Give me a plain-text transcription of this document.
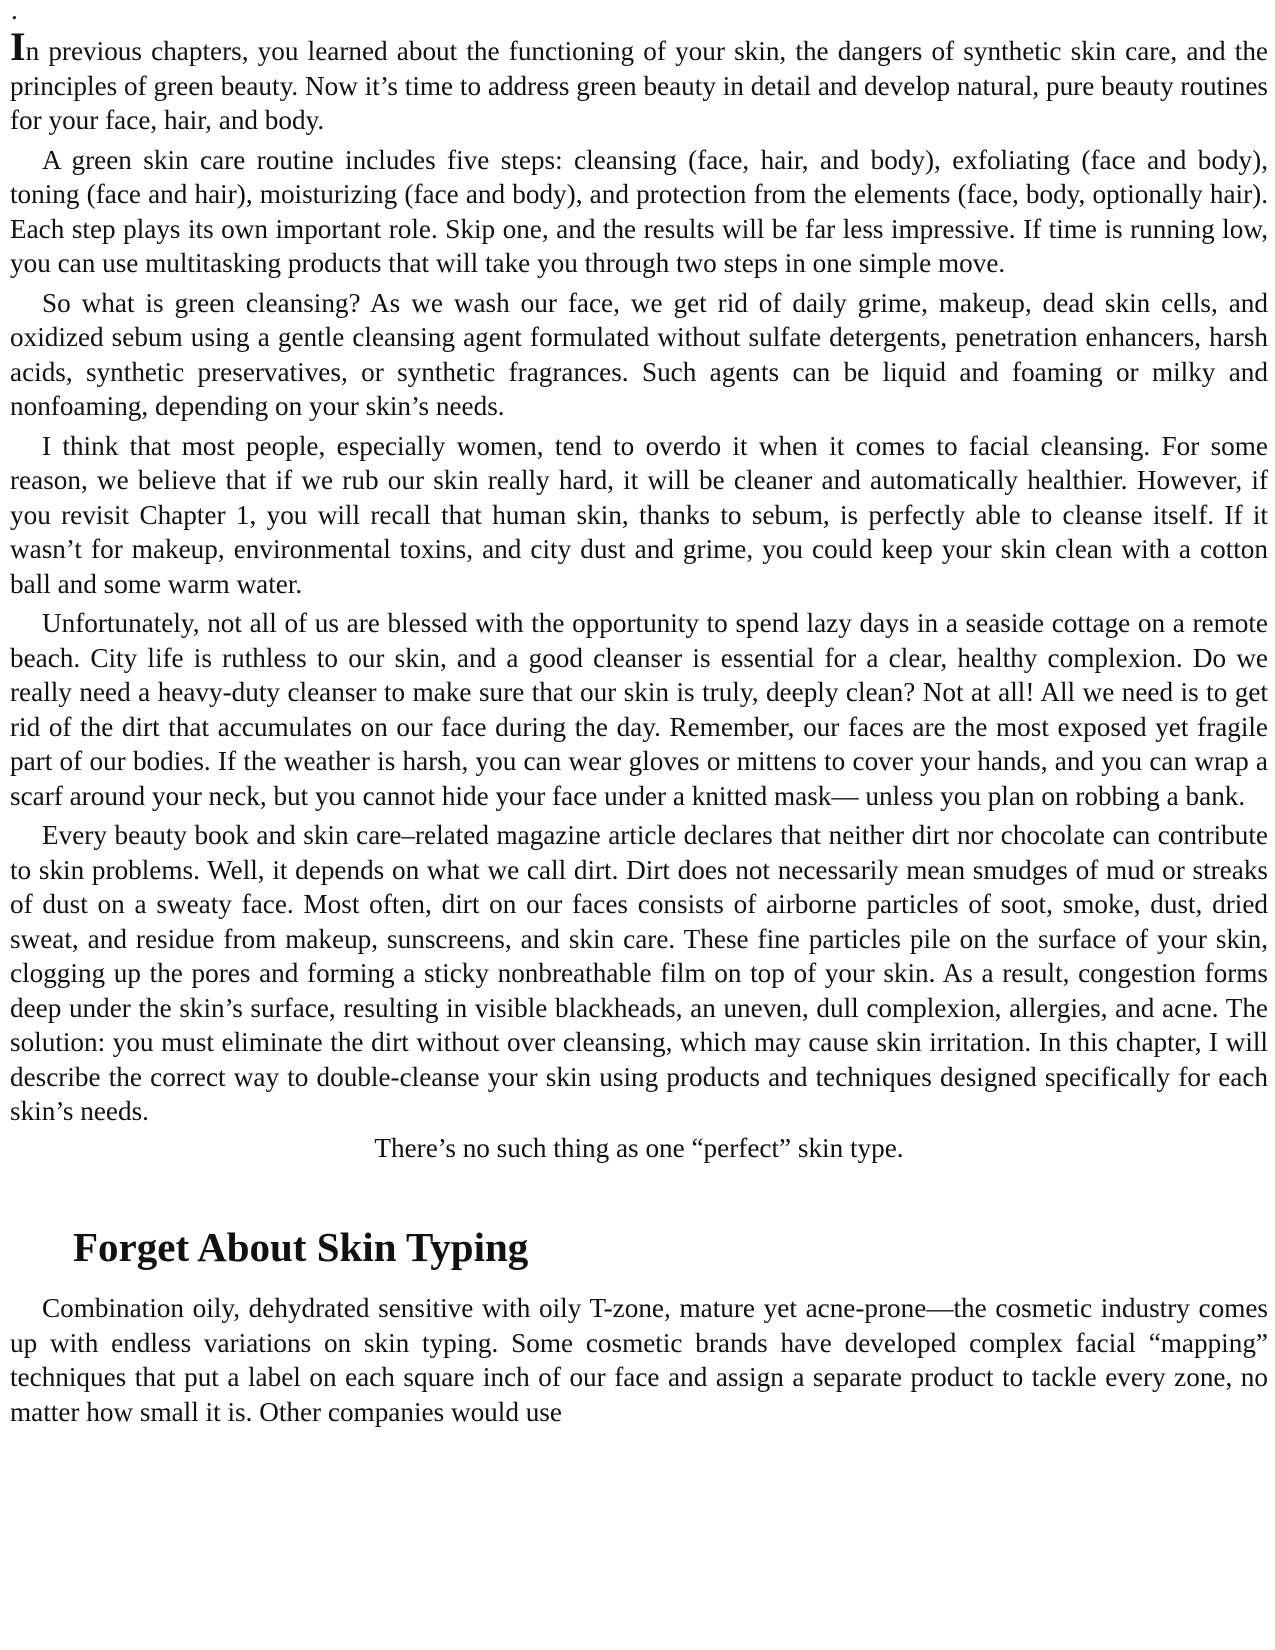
.
In previous chapters, you learned about the functioning of your skin, the dangers of synthetic skin care, and the principles of green beauty. Now it’s time to address green beauty in detail and develop natural, pure beauty routines for your face, hair, and body.

A green skin care routine includes five steps: cleansing (face, hair, and body), exfoliating (face and body), toning (face and hair), moisturizing (face and body), and protection from the elements (face, body, optionally hair). Each step plays its own important role. Skip one, and the results will be far less impressive. If time is running low, you can use multitasking products that will take you through two steps in one simple move.

So what is green cleansing? As we wash our face, we get rid of daily grime, makeup, dead skin cells, and oxidized sebum using a gentle cleansing agent formulated without sulfate detergents, penetration enhancers, harsh acids, synthetic preservatives, or synthetic fragrances. Such agents can be liquid and foaming or milky and nonfoaming, depending on your skin’s needs.

I think that most people, especially women, tend to overdo it when it comes to facial cleansing. For some reason, we believe that if we rub our skin really hard, it will be cleaner and automatically healthier. However, if you revisit Chapter 1, you will recall that human skin, thanks to sebum, is perfectly able to cleanse itself. If it wasn’t for makeup, environmental toxins, and city dust and grime, you could keep your skin clean with a cotton ball and some warm water.

Unfortunately, not all of us are blessed with the opportunity to spend lazy days in a seaside cottage on a remote beach. City life is ruthless to our skin, and a good cleanser is essential for a clear, healthy complexion. Do we really need a heavy-duty cleanser to make sure that our skin is truly, deeply clean? Not at all! All we need is to get rid of the dirt that accumulates on our face during the day. Remember, our faces are the most exposed yet fragile part of our bodies. If the weather is harsh, you can wear gloves or mittens to cover your hands, and you can wrap a scarf around your neck, but you cannot hide your face under a knitted mask— unless you plan on robbing a bank.

Every beauty book and skin care–related magazine article declares that neither dirt nor chocolate can contribute to skin problems. Well, it depends on what we call dirt. Dirt does not necessarily mean smudges of mud or streaks of dust on a sweaty face. Most often, dirt on our faces consists of airborne particles of soot, smoke, dust, dried sweat, and residue from makeup, sunscreens, and skin care. These fine particles pile on the surface of your skin, clogging up the pores and forming a sticky nonbreathable film on top of your skin. As a result, congestion forms deep under the skin’s surface, resulting in visible blackheads, an uneven, dull complexion, allergies, and acne. The solution: you must eliminate the dirt without over cleansing, which may cause skin irritation. In this chapter, I will describe the correct way to double-cleanse your skin using products and techniques designed specifically for each skin’s needs.

There’s no such thing as one “perfect” skin type.

Forget About Skin Typing

Combination oily, dehydrated sensitive with oily T-zone, mature yet acne-prone—the cosmetic industry comes up with endless variations on skin typing. Some cosmetic brands have developed complex facial “mapping” techniques that put a label on each square inch of our face and assign a separate product to tackle every zone, no matter how small it is. Other companies would use
